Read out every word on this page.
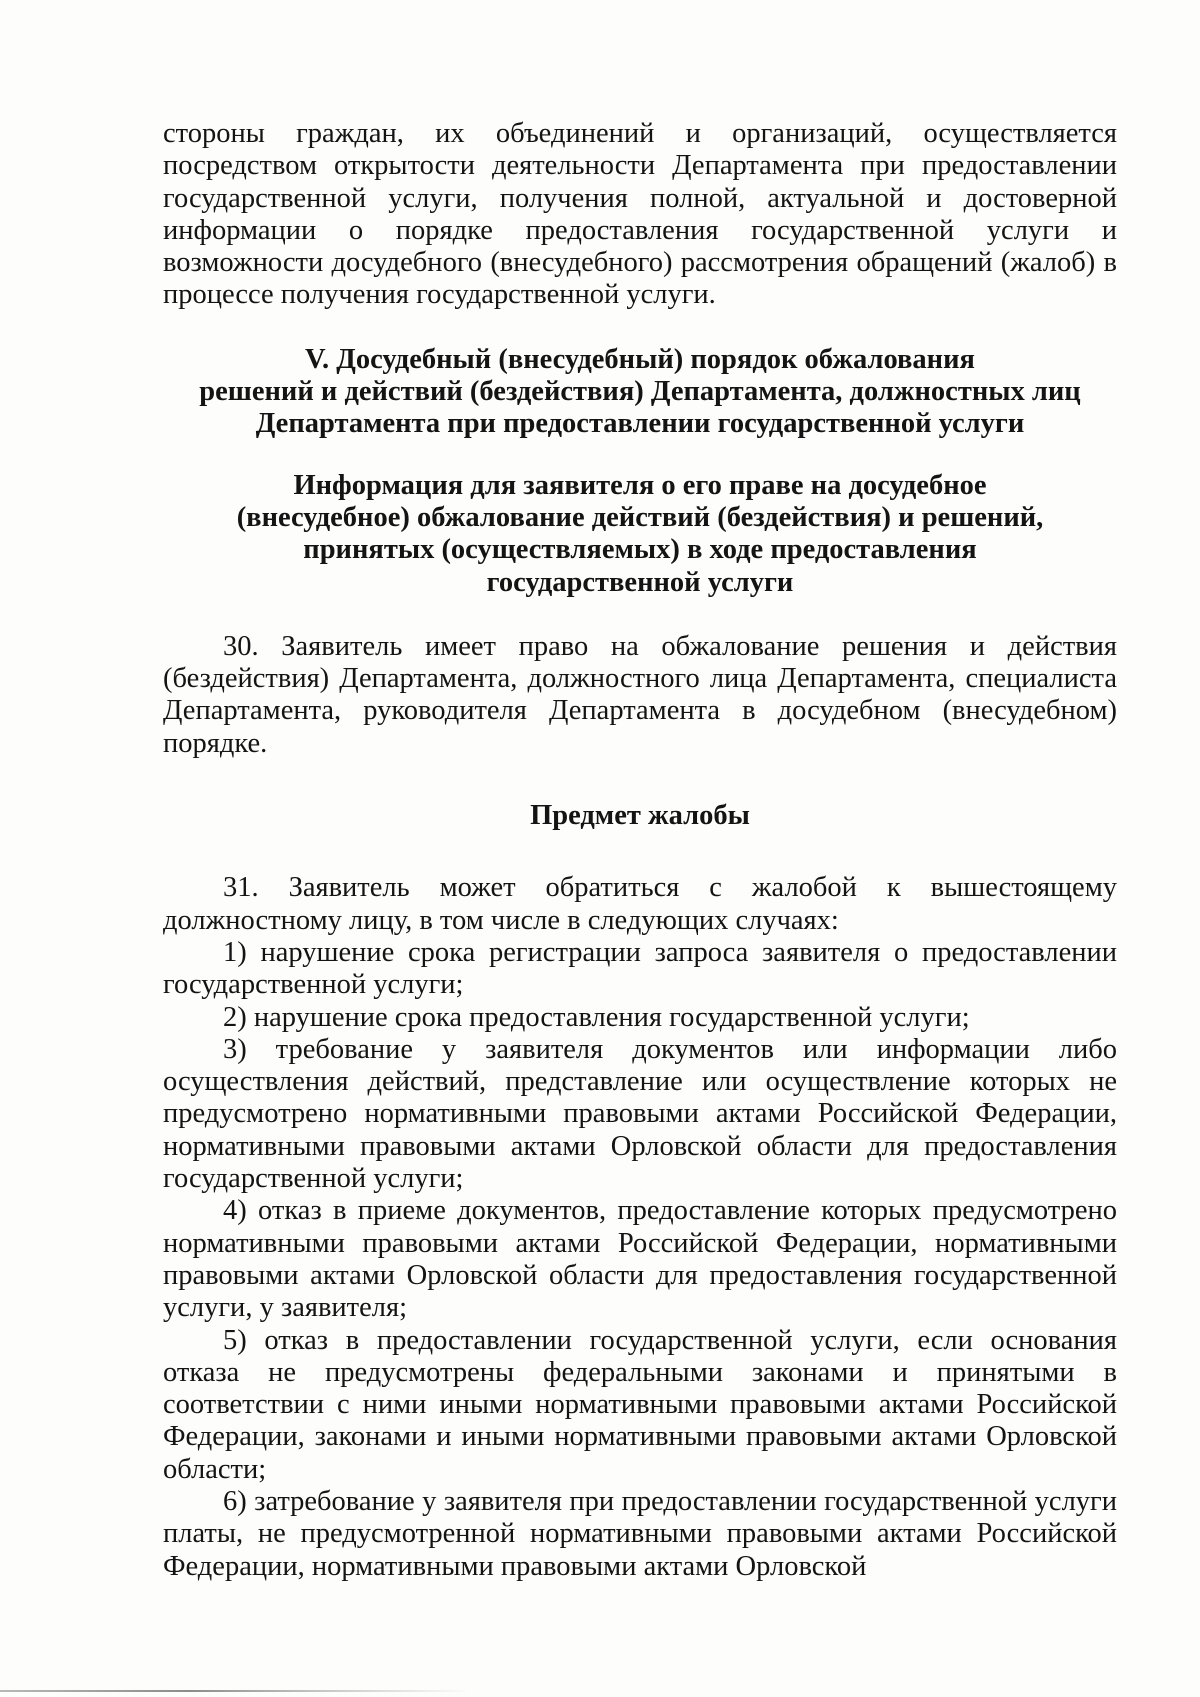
стороны граждан, их объединений и организаций, осуществляется посредством открытости деятельности Департамента при предоставлении государственной услуги, получения полной, актуальной и достоверной информации о порядке предоставления государственной услуги и возможности досудебного (внесудебного) рассмотрения обращений (жалоб) в процессе получения государственной услуги.

V. Досудебный (внесудебный) порядок обжалования
решений и действий (бездействия) Департамента, должностных лиц
Департамента при предоставлении государственной услуги
Информация для заявителя о его праве на досудебное
(внесудебное) обжалование действий (бездействия) и решений,
принятых (осуществляемых) в ходе предоставления
государственной услуги

30. Заявитель имеет право на обжалование решения и действия (бездействия) Департамента, должностного лица Департамента, специалиста Департамента, руководителя Департамента в досудебном (внесудебном) порядке.

Предмет жалобы

31. Заявитель может обратиться с жалобой к вышестоящему должностному лицу, в том числе в следующих случаях:

1) нарушение срока регистрации запроса заявителя о предоставлении государственной услуги;

2) нарушение срока предоставления государственной услуги;

3) требование у заявителя документов или информации либо осуществления действий, представление или осуществление которых не предусмотрено нормативными правовыми актами Российской Федерации, нормативными правовыми актами Орловской области для предоставления государственной услуги;

4) отказ в приеме документов, предоставление которых предусмотрено нормативными правовыми актами Российской Федерации, нормативными правовыми актами Орловской области для предоставления государственной услуги, у заявителя;

5) отказ в предоставлении государственной услуги, если основания отказа не предусмотрены федеральными законами и принятыми в соответствии с ними иными нормативными правовыми актами Российской Федерации, законами и иными нормативными правовыми актами Орловской области;

6) затребование у заявителя при предоставлении государственной услуги платы, не предусмотренной нормативными правовыми актами Российской Федерации, нормативными правовыми актами Орловской
